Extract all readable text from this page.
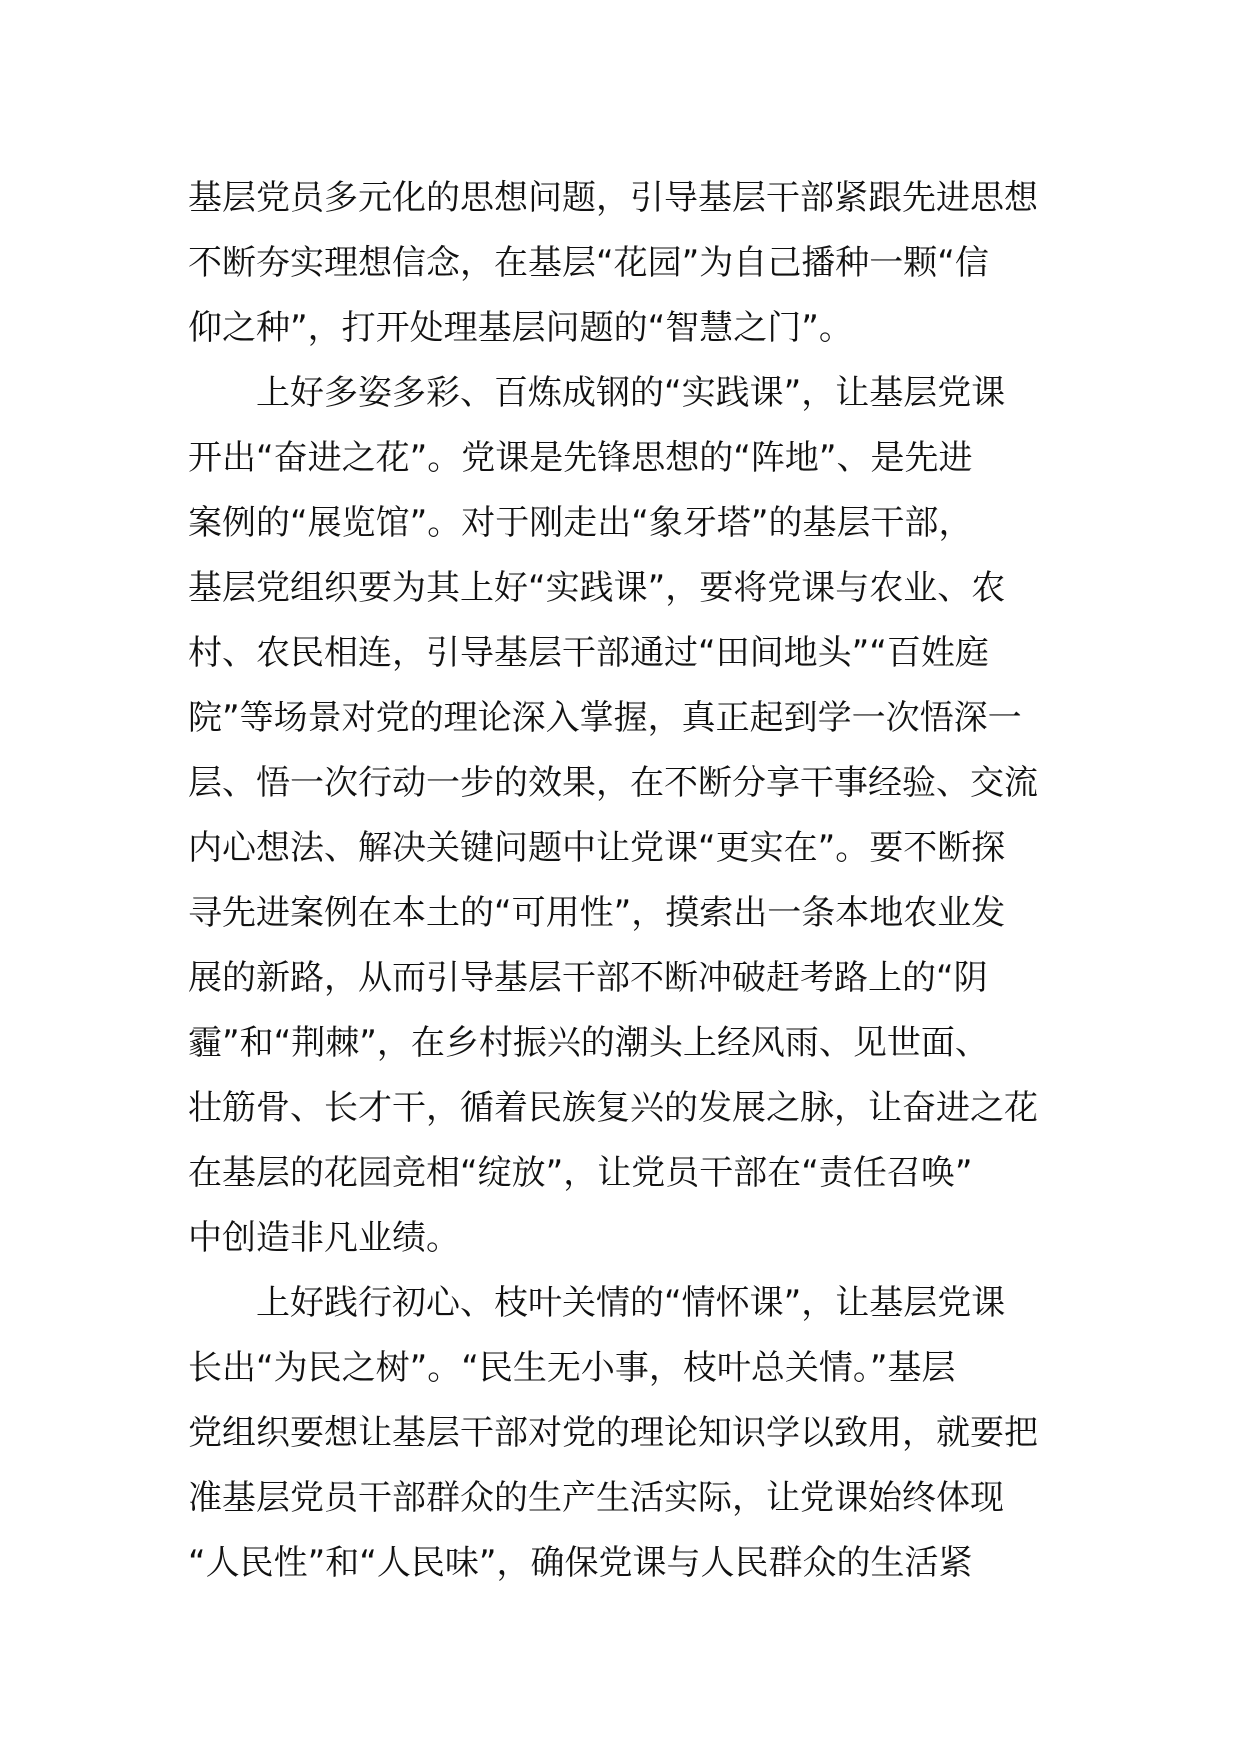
基层党员多元化的思想问题，引导基层干部紧跟先进思想
不断夯实理想信念，在基层“花园”为自己播种一颗“信
仰之种”，打开处理基层问题的“智慧之门”。
上好多姿多彩、百炼成钢的“实践课”，让基层党课
开出“奋进之花”。党课是先锋思想的“阵地”、是先进
案例的“展览馆”。对于刚走出“象牙塔”的基层干部，
基层党组织要为其上好“实践课”，要将党课与农业、农
村、农民相连，引导基层干部通过“田间地头”“百姓庭
院”等场景对党的理论深入掌握，真正起到学一次悟深一
层、悟一次行动一步的效果，在不断分享干事经验、交流
内心想法、解决关键问题中让党课“更实在”。要不断探
寻先进案例在本土的“可用性”，摸索出一条本地农业发
展的新路，从而引导基层干部不断冲破赶考路上的“阴
霾”和“荆棘”，在乡村振兴的潮头上经风雨、见世面、
壮筋骨、长才干，循着民族复兴的发展之脉，让奋进之花
在基层的花园竞相“绽放”，让党员干部在“责任召唤”
中创造非凡业绩。
上好践行初心、枝叶关情的“情怀课”，让基层党课
长出“为民之树”。“民生无小事，枝叶总关情。”基层
党组织要想让基层干部对党的理论知识学以致用，就要把
准基层党员干部群众的生产生活实际，让党课始终体现
“人民性”和“人民味”，确保党课与人民群众的生活紧
